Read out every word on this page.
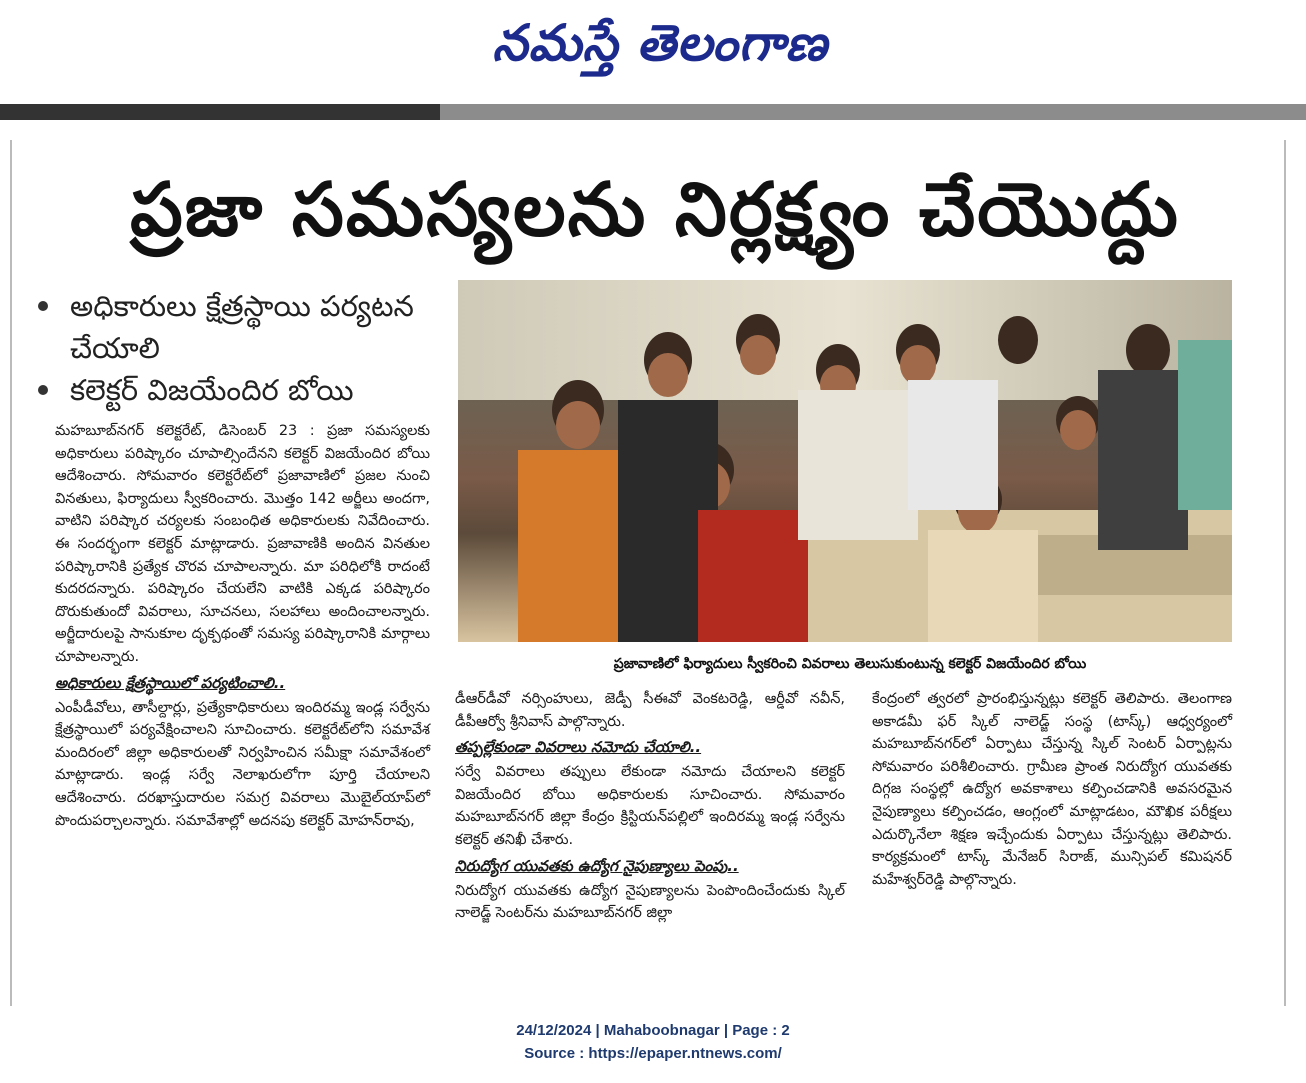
నమస్తే తెలంగాణ
ప్రజా సమస్యలను నిర్లక్ష్యం చేయొద్దు
అధికారులు క్షేత్రస్థాయి పర్యటన చేయాలి
కలెక్టర్ విజయేందిర బోయి
ప్రజావాణిలో ఫిర్యాదులు స్వీకరించి వివరాలు తెలుసుకుంటున్న కలెక్టర్ విజయేందిర బోయి

మహబూబ్‌నగర్ కలెక్టరేట్, డిసెంబర్ 23 : ప్రజా సమస్యలకు అధికారులు పరిష్కారం చూపాల్సిందేనని కలెక్టర్ విజయేందిర బోయి ఆదేశించారు. సోమవారం కలెక్టరేట్‌లో ప్రజావాణిలో ప్రజల నుంచి వినతులు, ఫిర్యాదులు స్వీకరించారు. మొత్తం 142 అర్జీలు అందగా, వాటిని పరిష్కార చర్యలకు సంబంధిత అధికారులకు నివేదించారు. ఈ సందర్భంగా కలెక్టర్ మాట్లాడారు. ప్రజావాణికి అందిన వినతుల పరిష్కారానికి ప్రత్యేక చొరవ చూపాలన్నారు. మా పరిధిలోకి రాదంటే కుదరదన్నారు. పరిష్కారం చేయలేని వాటికి ఎక్కడ పరిష్కారం దొరుకుతుందో వివరాలు, సూచనలు, సలహాలు అందించాలన్నారు. అర్జీదారులపై సానుకూల దృక్పథంతో సమస్య పరిష్కారానికి మార్గాలు చూపాలన్నారు.

అధికారులు క్షేత్రస్థాయిలో పర్యటించాలి..

ఎంపీడీవోలు, తాసీల్దార్లు, ప్రత్యేకాధికారులు ఇందిరమ్మ ఇండ్ల సర్వేను క్షేత్రస్థాయిలో పర్యవేక్షించాలని సూచించారు. కలెక్టరేట్‌లోని సమావేశ మందిరంలో జిల్లా అధికారులతో నిర్వహించిన సమీక్షా సమావేశంలో మాట్లాడారు. ఇండ్ల సర్వే నెలాఖరులోగా పూర్తి చేయాలని ఆదేశించారు. దరఖాస్తుదారుల సమగ్ర వివరాలు మొబైల్‌యాప్‌లో పొందుపర్చాలన్నారు. సమావేశాల్లో అదనపు కలెక్టర్ మోహన్‌రావు,

డీఆర్‌డీవో నర్సింహులు, జెడ్పీ సీఈవో వెంకటరెడ్డి, ఆర్డీవో నవీన్, డీపీఆర్వో శ్రీనివాస్ పాల్గొన్నారు.

తప్పల్లేకుండా వివరాలు నమోదు చేయాలి..

సర్వే వివరాలు తప్పులు లేకుండా నమోదు చేయాలని కలెక్టర్ విజయేందిర బోయి అధికారులకు సూచించారు. సోమవారం మహబూబ్‌నగర్ జిల్లా కేంద్రం క్రిస్టియన్‌పల్లిలో ఇందిరమ్మ ఇండ్ల సర్వేను కలెక్టర్ తనిఖీ చేశారు.

నిరుద్యోగ యువతకు ఉద్యోగ నైపుణ్యాలు పెంపు..

నిరుద్యోగ యువతకు ఉద్యోగ నైపుణ్యాలను పెంపొందించేందుకు స్కిల్ నాలెడ్జ్ సెంటర్‌ను మహబూబ్‌నగర్ జిల్లా

కేంద్రంలో త్వరలో ప్రారంభిస్తున్నట్లు కలెక్టర్ తెలిపారు. తెలంగాణ అకాడమీ ఫర్ స్కిల్ నాలెడ్జ్ సంస్థ (టాస్క్) ఆధ్వర్యంలో మహబూబ్‌నగర్‌లో ఏర్పాటు చేస్తున్న స్కిల్ సెంటర్ ఏర్పాట్లను సోమవారం పరిశీలించారు. గ్రామీణ ప్రాంత నిరుద్యోగ యువతకు దిగ్గజ సంస్థల్లో ఉద్యోగ అవకాశాలు కల్పించడానికి అవసరమైన నైపుణ్యాలు కల్పించడం, ఆంగ్లంలో మాట్లాడటం, మౌఖిక పరీక్షలు ఎదుర్కొనేలా శిక్షణ ఇచ్చేందుకు ఏర్పాటు చేస్తున్నట్లు తెలిపారు. కార్యక్రమంలో టాస్క్ మేనేజర్ సిరాజ్, మున్సిపల్ కమిషనర్ మహేశ్వర్‌రెడ్డి పాల్గొన్నారు.

24/12/2024 | Mahaboobnagar | Page : 2
Source : https://epaper.ntnews.com/
